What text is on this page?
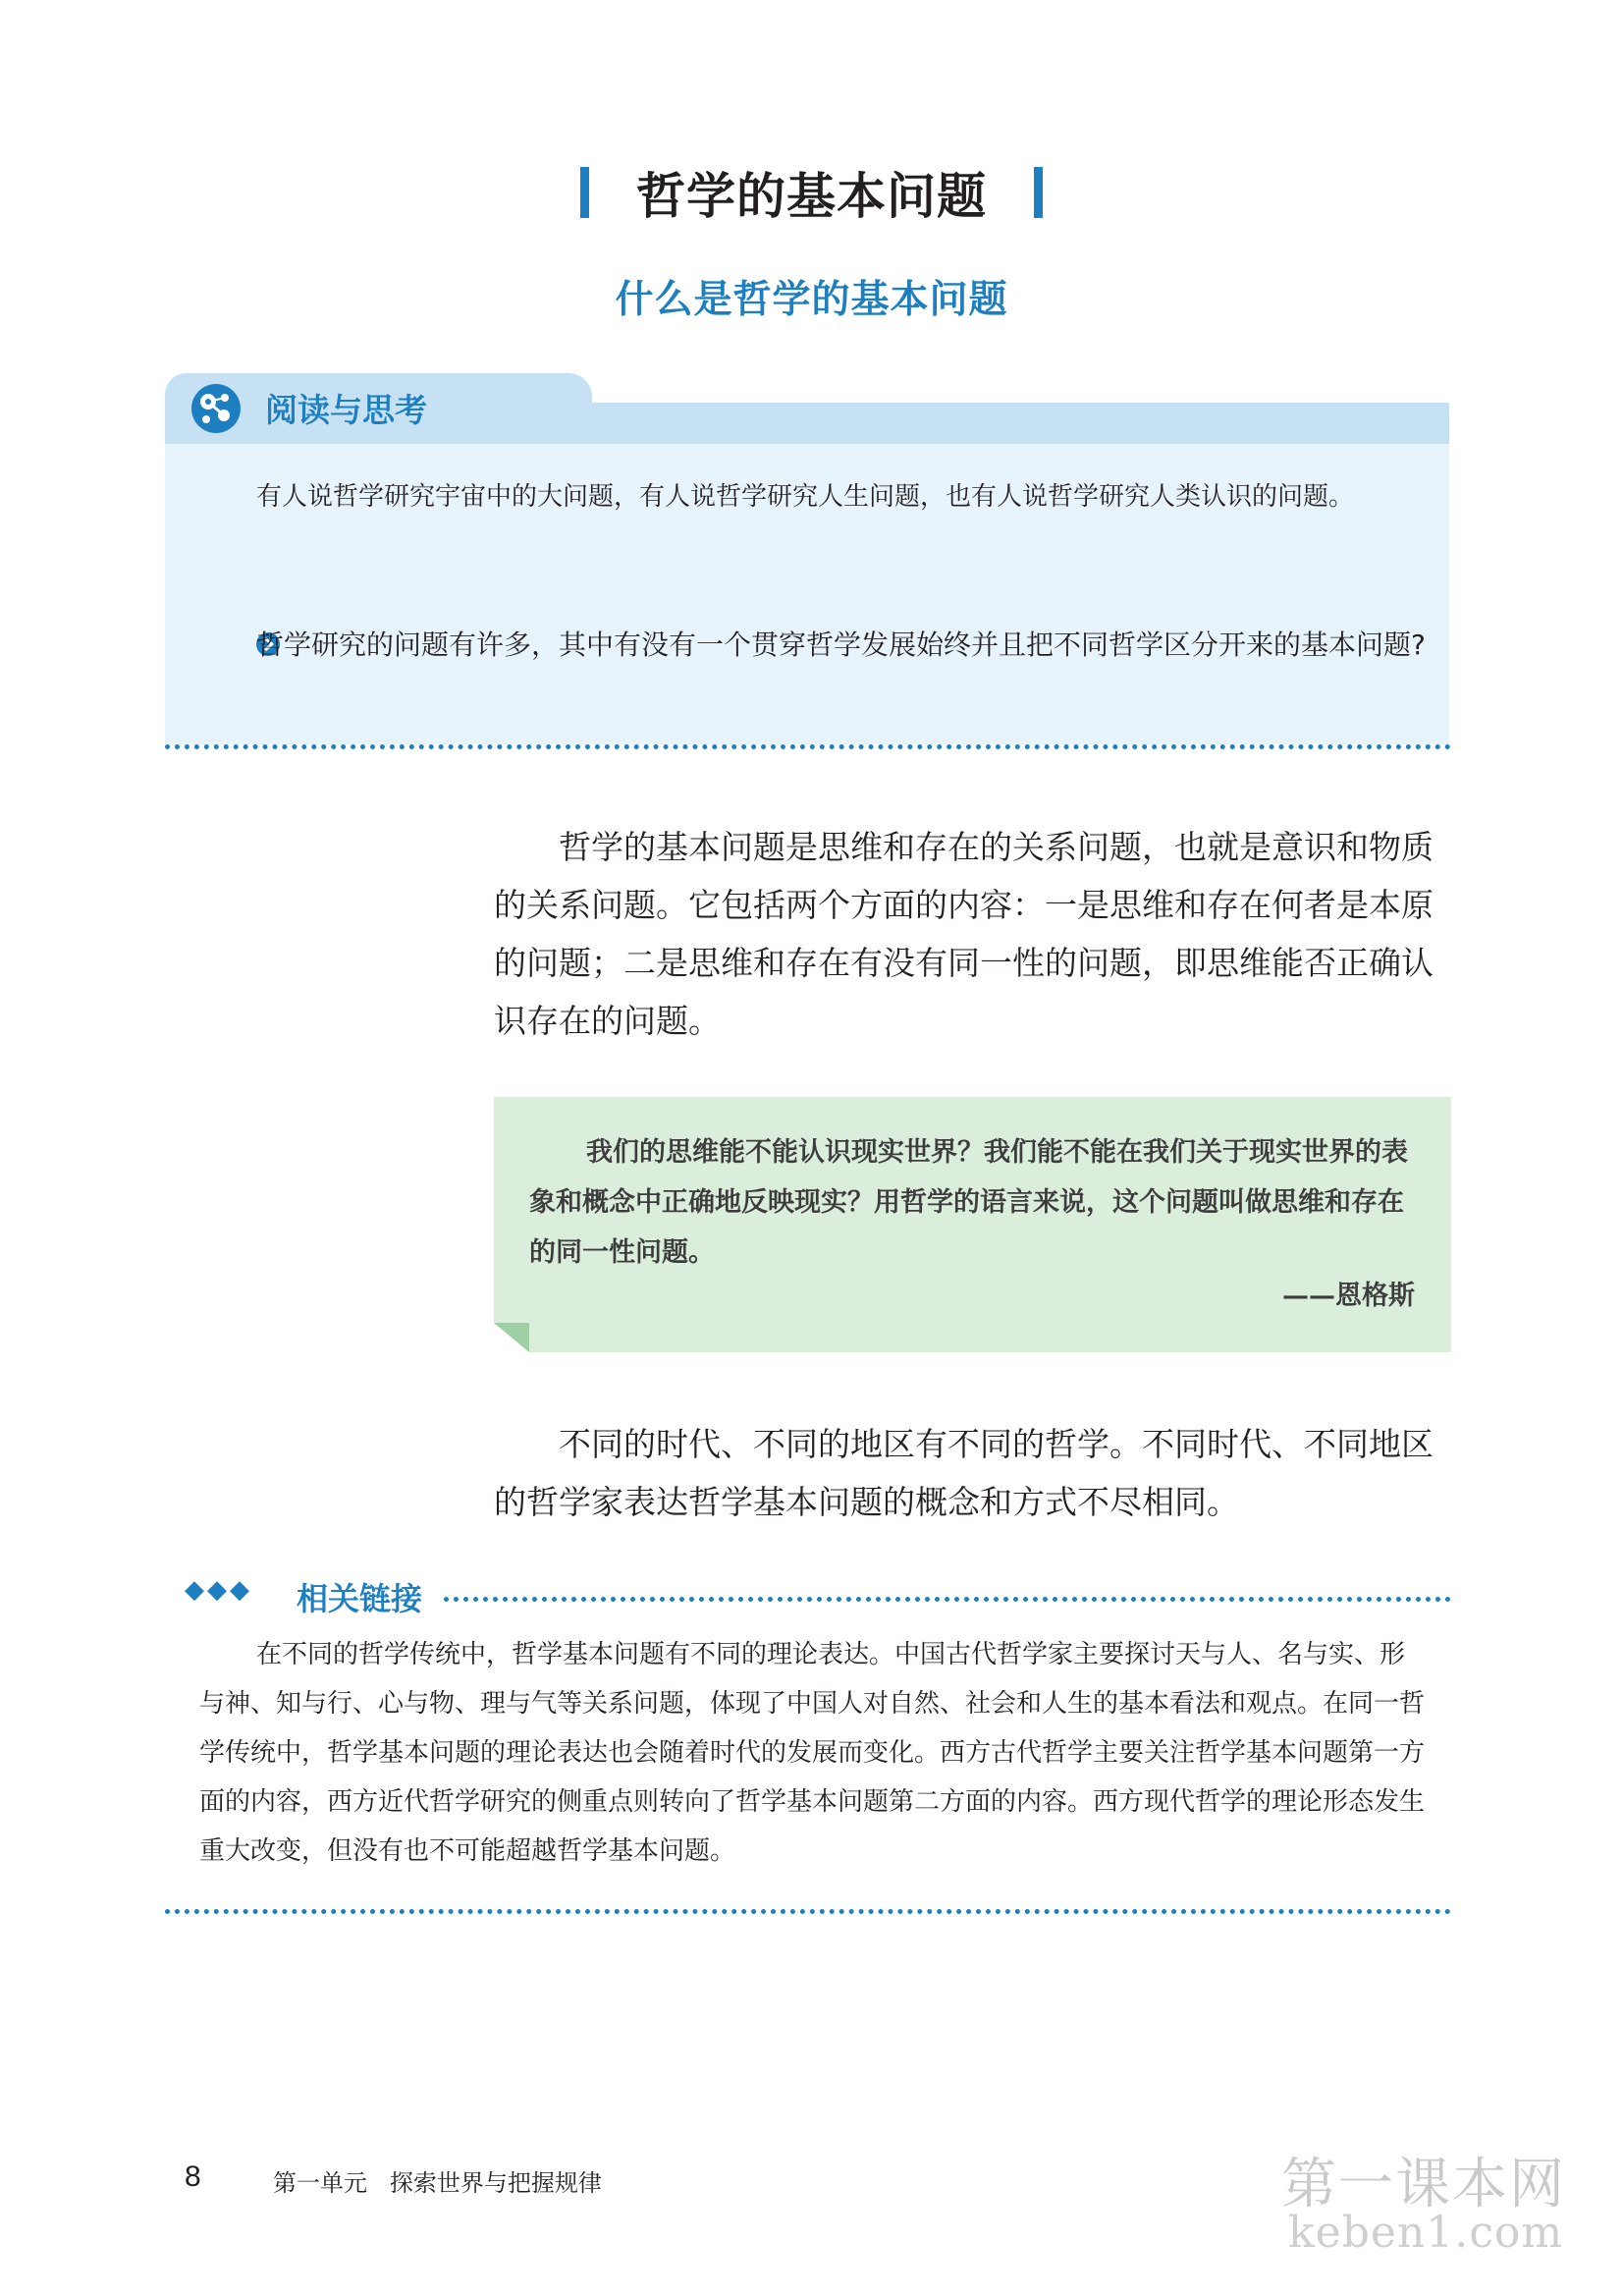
哲学的基本问题
什么是哲学的基本问题
阅读与思考
有人说哲学研究宇宙中的大问题，有人说哲学研究人生问题，也有人说哲学研究人类认识的问题。
哲学研究的问题有许多，其中有没有一个贯穿哲学发展始终并且把不同哲学区分开来的基本问题?
哲学的基本问题是思维和存在的关系问题，也就是意识和物质的关系问题。它包括两个方面的内容：一是思维和存在何者是本原的问题；二是思维和存在有没有同一性的问题，即思维能否正确认识存在的问题。
我们的思维能不能认识现实世界？我们能不能在我们关于现实世界的表象和概念中正确地反映现实？用哲学的语言来说，这个问题叫做思维和存在的同一性问题。
——恩格斯
不同的时代、不同的地区有不同的哲学。不同时代、不同地区的哲学家表达哲学基本问题的概念和方式不尽相同。
◆◆◆ 相关链接
在不同的哲学传统中，哲学基本问题有不同的理论表达。中国古代哲学家主要探讨天与人、名与实、形与神、知与行、心与物、理与气等关系问题，体现了中国人对自然、社会和人生的基本看法和观点。在同一哲学传统中，哲学基本问题的理论表达也会随着时代的发展而变化。西方古代哲学主要关注哲学基本问题第一方面的内容，西方近代哲学研究的侧重点则转向了哲学基本问题第二方面的内容。西方现代哲学的理论形态发生重大改变，但没有也不可能超越哲学基本问题。
8	第一单元   探索世界与把握规律	第一课本网
keben1.com
